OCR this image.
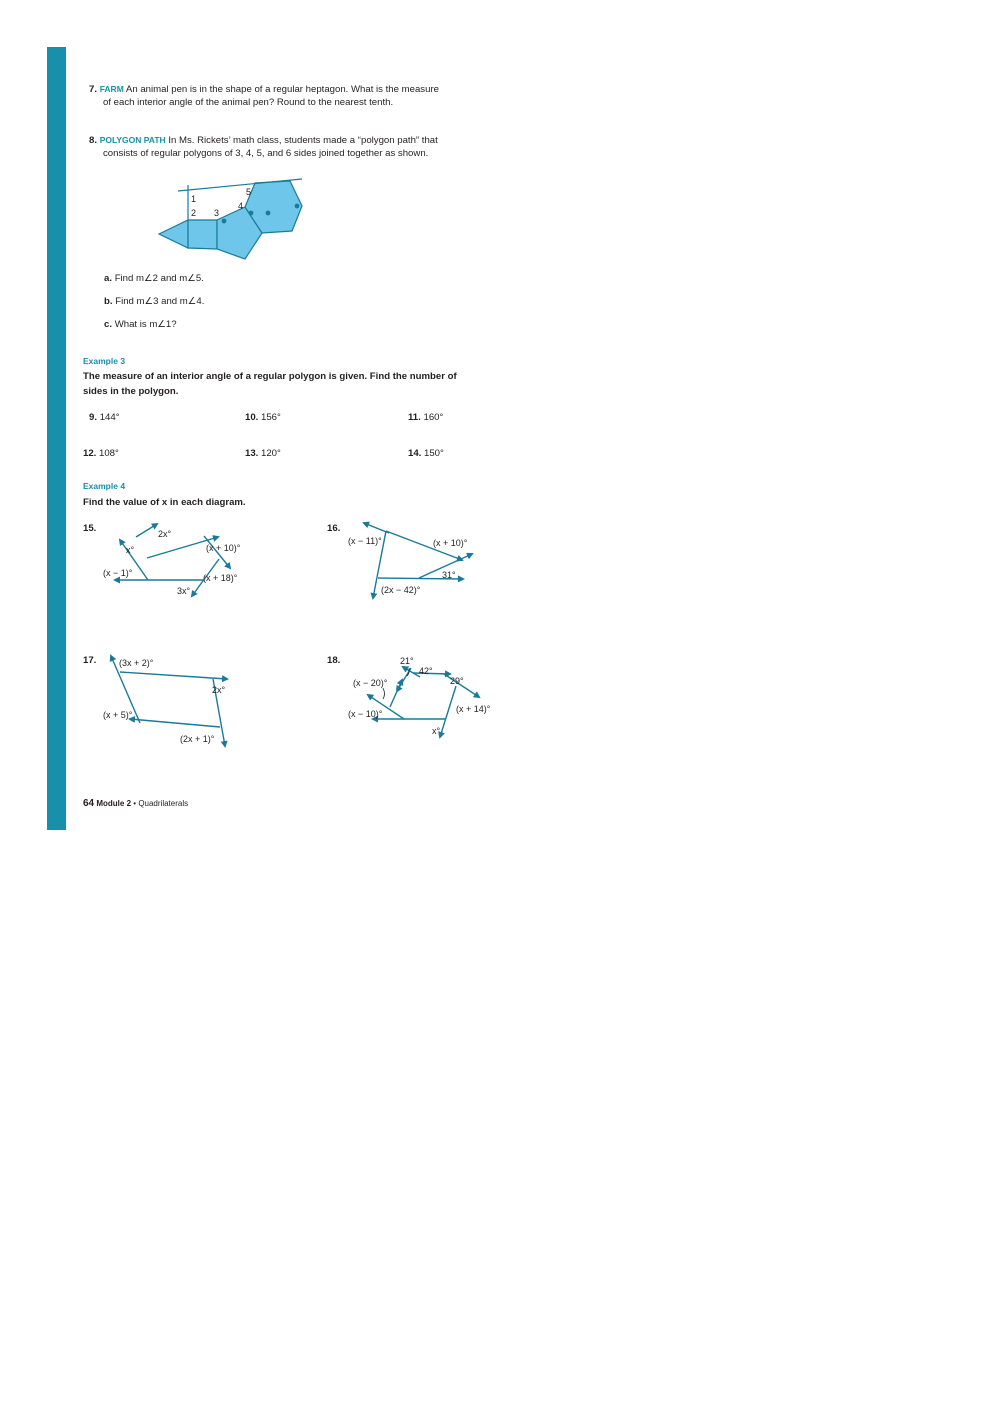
7. FARM An animal pen is in the shape of a regular heptagon. What is the measure
of each interior angle of the animal pen? Round to the nearest tenth.
8. POLYGON PATH In Ms. Rickets’ math class, students made a “polygon path” that
consists of regular polygons of 3, 4, 5, and 6 sides joined together as shown.
1
2 3
4
5
a. Find m∠2 and m∠5.
b. Find m∠3 and m∠4.
c. What is m∠1?
Example 3
The measure of an interior angle of a regular polygon is given. Find the number of
sides in the polygon.
9. 144°	10. 156°	11. 160°
12. 108°	13. 120°	14. 150°
Example 4
Find the value of x in each diagram.
15.	2x°
x°	(x + 10)°
(x − 1)°	(x + 18)°
3x°
16.
(x − 11)°	(x + 10)°
31°
(2x − 42)°
17.	(3x + 2)°
2x°
(x + 5)°
(2x + 1)°
18.	21°
42°
29°
(x − 20)°
(x − 10)°	(x + 14)°
x°
64 Module 2 • Quadrilaterals
